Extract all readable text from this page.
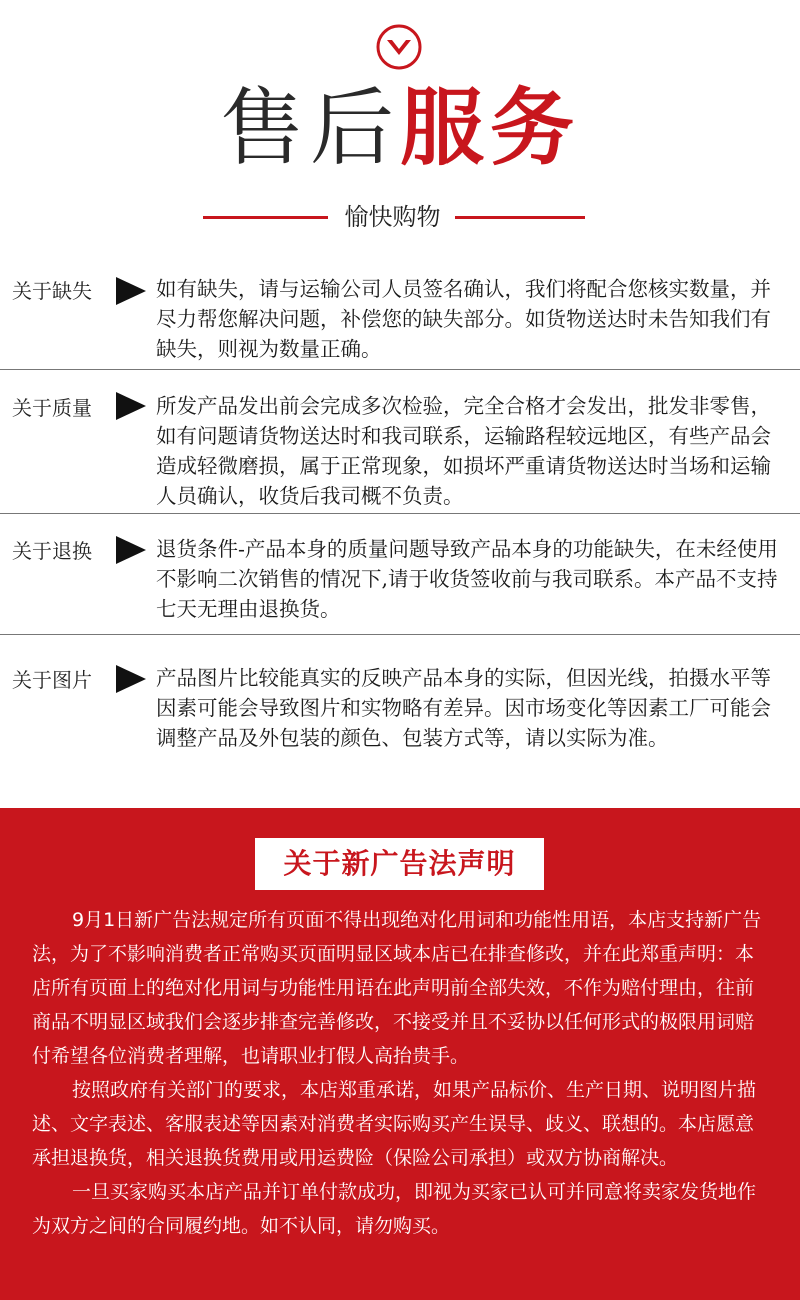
售后服务
愉快购物
关于缺失	如有缺失，请与运输公司人员签名确认，我们将配合您核实数量，并尽力帮您解决问题，补偿您的缺失部分。如货物送达时未告知我们有缺失，则视为数量正确。
关于质量	所发产品发出前会完成多次检验，完全合格才会发出，批发非零售，如有问题请货物送达时和我司联系，运输路程较远地区，有些产品会造成轻微磨损，属于正常现象，如损坏严重请货物送达时当场和运输人员确认，收货后我司概不负责。
关于退换	退货条件-产品本身的质量问题导致产品本身的功能缺失，在未经使用不影响二次销售的情况下,请于收货签收前与我司联系。本产品不支持七天无理由退换货。
关于图片	产品图片比较能真实的反映产品本身的实际，但因光线，拍摄水平等因素可能会导致图片和实物略有差异。因市场变化等因素工厂可能会调整产品及外包装的颜色、包装方式等，请以实际为准。
关于新广告法声明

9月1日新广告法规定所有页面不得出现绝对化用词和功能性用语，本店支持新广告法，为了不影响消费者正常购买页面明显区域本店已在排查修改，并在此郑重声明：本店所有页面上的绝对化用词与功能性用语在此声明前全部失效，不作为赔付理由，往前商品不明显区域我们会逐步排查完善修改，不接受并且不妥协以任何形式的极限用词赔付希望各位消费者理解，也请职业打假人高抬贵手。

按照政府有关部门的要求，本店郑重承诺，如果产品标价、生产日期、说明图片描述、文字表述、客服表述等因素对消费者实际购买产生误导、歧义、联想的。本店愿意承担退换货，相关退换货费用或用运费险（保险公司承担）或双方协商解决。

一旦买家购买本店产品并订单付款成功，即视为买家已认可并同意将卖家发货地作为双方之间的合同履约地。如不认同，请勿购买。
